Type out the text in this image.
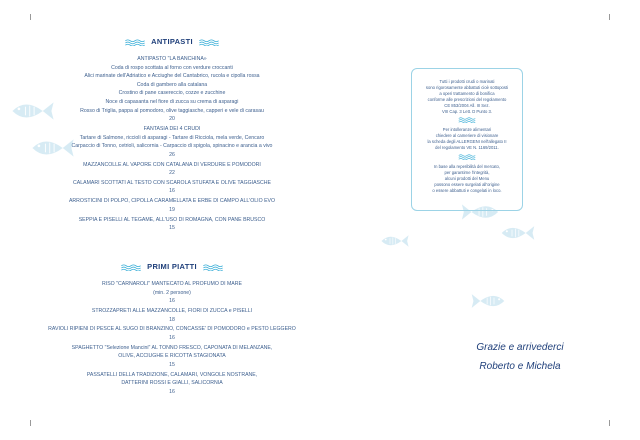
ANTIPASTI
ANTIPASTO "LA BANCHINA»
Coda di rospo scottata al forno con verdure croccanti
Alici marinate dell'Adriatico e Acciughe del Cantabrico, rucola e cipolla rossa
Coda di gambero alla catalana
Crostino di pane casereccio, cozze e zucchine
Noce di capasanta nel fiore di zucca su crema di asparagi
Rosso di Triglia, pappa al pomodoro, olive taggiasche, capperi e vele di carasau
20
FANTASIA DEI 4 CRUDI
Tartare di Salmone, riccioli di asparagi - Tartare di Ricciola, mela verde, Cencaro
Carpaccio di Tonno, cetrioli, salicornia - Carpaccio di spigola, spinacino e arancia a vivo
26
MAZZANCOLLE AL VAPORE CON CATALANA DI VERDURE E POMODORI
22
CALAMARI SCOTTATI AL TESTO CON SCAROLA STUFATA E OLIVE TAGGIASCHE
16
ARROSTICINI DI POLPO, CIPOLLA CARAMELLATA E ERBE DI CAMPO ALL'OLIO EVO
19
SEPPIA E PISELLI AL TEGAME, ALL'USO DI ROMAGNA, CON PANE BRUSCO
15
PRIMI PIATTI
RISO "CARNAROLI" MANTECATO AL PROFUMO DI MARE
(min. 2 persone)
16
STROZZAPRETI ALLE MAZZANCOLLE, FIORI DI ZUCCA e PISELLI
18
RAVIOLI RIPIENI DI PESCE AL SUGO DI BRANZINO, CONCASSE' DI POMODORO e PESTO LEGGERO
16
SPAGHETTO "Selezione Mancini" AL TONNO FRESCO, CAPONATA DI MELANZANE,
OLIVE, ACCIUGHE E RICOTTA STAGIONATA
15
PASSATELLI DELLA TRADIZIONE, CALAMARI, VONGOLE NOSTRANE,
DATTERINI ROSSI E GIALLI, SALICORNIA
16
Tutti i prodotti crudi o marinati
sono rigorosamente abbattuti cioè sottoposti
a operi trattamento di bonifica
conforme alle prescrizioni del regolamento
CE 853/2004 All. III Sez.
VIII Cap. 3 Lett. D Punto 3.
Per intolleranze alimentari
chiedere al cameriere di visionare
la scheda degli ALLERGENI nell'allegato II
del regolamento VE N. 1169/2011.
In base alla reperibilità del mercato,
per garantirne l'integrità,
alcuni prodotti del Menu
possono essere surgelati all'origine
o essere abbattuti e congelati in loco.
Grazie e arrivederci
Roberto e Michela
